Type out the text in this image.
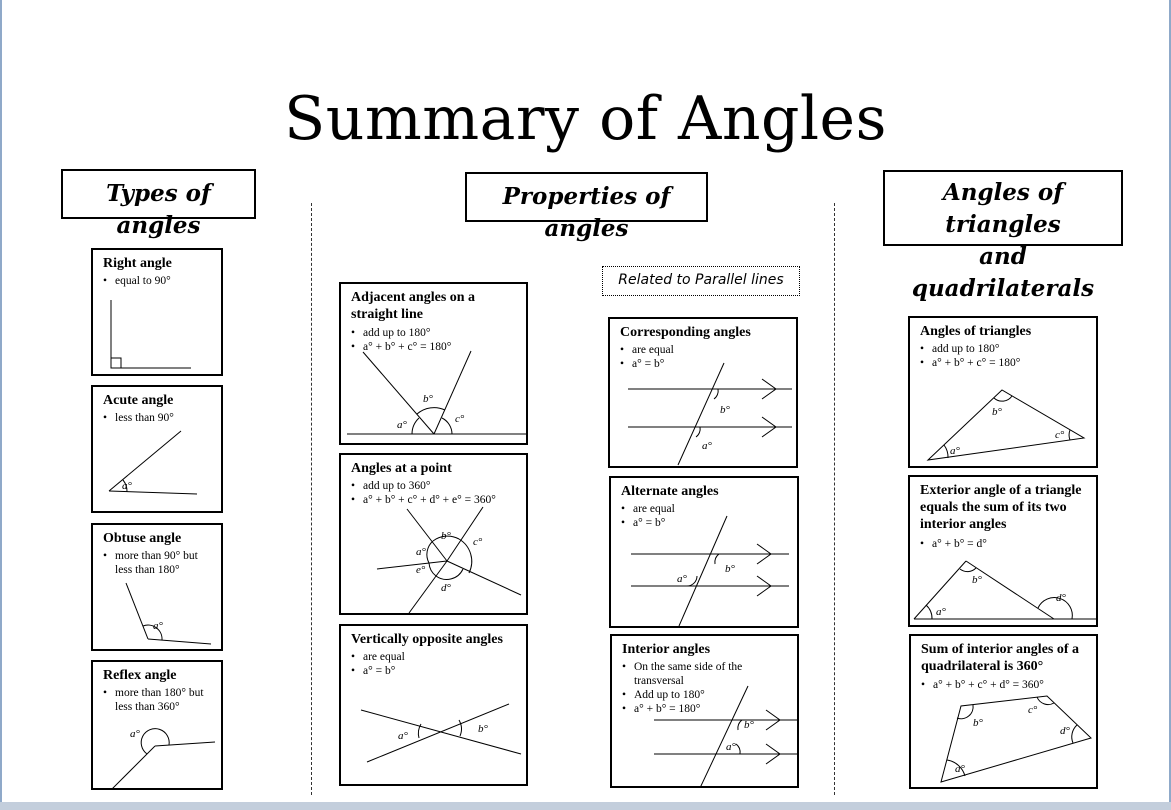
Summary of Angles
Types of angles
Properties of angles
Angles of triangles
and quadrilaterals
Related to Parallel lines
Right angle
• equal to 90°
Acute angle
• less than 90°
a°
Obtuse angle
• more than 90° but less than 180°
a°
Reflex angle
• more than 180° but less than 360°
a°
Adjacent angles on a straight line
• add up to 180°
• a° + b° + c° = 180°
a°
b°
c°
Angles at a point
• add up to 360°
• a° + b° + c° + d° + e° = 360°
b° c°
a°
e°
d°
Vertically opposite angles
• are equal
• a° = b°
a°
b°
Corresponding angles
• are equal
• a° = b°
b°
a°
Alternate angles
• are equal
• a° = b°
b°
a°
Interior angles
• On the same side of the transversal
• Add up to 180°
• a° + b° = 180°
b°
a°
Angles of triangles
• add up to 180°
• a° + b° + c° = 180°
a°
b°
c°
Exterior angle of a triangle equals the sum of its two interior angles
• a° + b° = d°
a°
b°
d°
Sum of interior angles of a quadrilateral is 360°
• a° + b° + c° + d° = 360°
a°
b°
c°
d°
